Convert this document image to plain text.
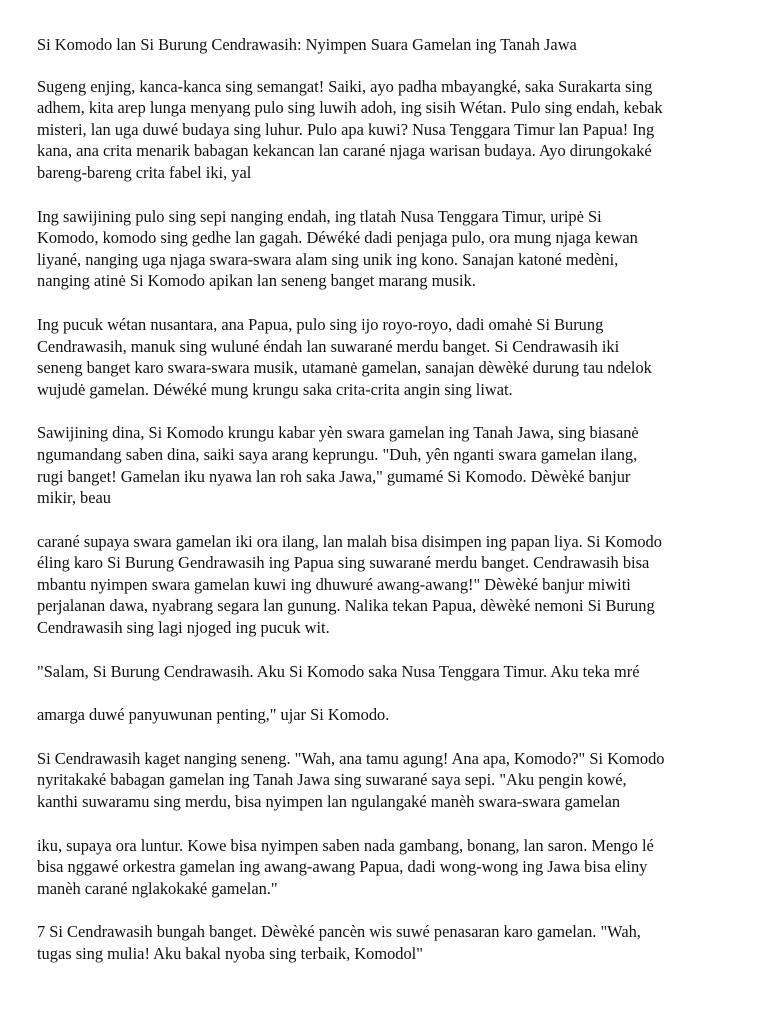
Si Komodo lan Si Burung Cendrawasih: Nyimpen Suara Gamelan ing Tanah Jawa

Sugeng enjing, kanca-kanca sing semangat! Saiki, ayo padha mbayangké, saka Surakarta sing
adhem, kita arep lunga menyang pulo sing luwih adoh, ing sisih Wétan. Pulo sing endah, kebak
misteri, lan uga duwé budaya sing luhur. Pulo apa kuwi? Nusa Tenggara Timur lan Papua! Ing
kana, ana crita menarik babagan kekancan lan carané njaga warisan budaya. Ayo dirungokaké
bareng-bareng crita fabel iki, yal

Ing sawijining pulo sing sepi nanging endah, ing tlatah Nusa Tenggara Timur, uripė Si
Komodo, komodo sing gedhe lan gagah. Déwéké dadi penjaga pulo, ora mung njaga kewan
liyané, nanging uga njaga swara-swara alam sing unik ing kono. Sanajan katoné medèni,
nanging atinė Si Komodo apikan lan seneng banget marang musik.

Ing pucuk wétan nusantara, ana Papua, pulo sing ijo royo-royo, dadi omahė Si Burung
Cendrawasih, manuk sing wuluné éndah lan suwarané merdu banget. Si Cendrawasih iki
seneng banget karo swara-swara musik, utamanė gamelan, sanajan dèwèké durung tau ndelok
wujudė gamelan. Déwéké mung krungu saka crita-crita angin sing liwat.

Sawijining dina, Si Komodo krungu kabar yèn swara gamelan ing Tanah Jawa, sing biasanė
ngumandang saben dina, saiki saya arang keprungu. "Duh, yên nganti swara gamelan ilang,
rugi banget! Gamelan iku nyawa lan roh saka Jawa," gumamé Si Komodo. Dèwèké banjur
mikir, beau

carané supaya swara gamelan iki ora ilang, lan malah bisa disimpen ing papan liya. Si Komodo
éling karo Si Burung Gendrawasih ing Papua sing suwarané merdu banget. Cendrawasih bisa
mbantu nyimpen swara gamelan kuwi ing dhuwuré awang-awang!" Dèwèké banjur miwiti
perjalanan dawa, nyabrang segara lan gunung. Nalika tekan Papua, dèwèké nemoni Si Burung
Cendrawasih sing lagi njoged ing pucuk wit.

"Salam, Si Burung Cendrawasih. Aku Si Komodo saka Nusa Tenggara Timur. Aku teka mré

amarga duwé panyuwunan penting," ujar Si Komodo.

Si Cendrawasih kaget nanging seneng. "Wah, ana tamu agung! Ana apa, Komodo?" Si Komodo
nyritakaké babagan gamelan ing Tanah Jawa sing suwarané saya sepi. "Aku pengin kowé,
kanthi suwaramu sing merdu, bisa nyimpen lan ngulangaké manèh swara-swara gamelan

iku, supaya ora luntur. Kowe bisa nyimpen saben nada gambang, bonang, lan saron. Mengo lé
bisa nggawé orkestra gamelan ing awang-awang Papua, dadi wong-wong ing Jawa bisa eliny
manèh carané nglakokaké gamelan."

7 Si Cendrawasih bungah banget. Dèwèké pancèn wis suwé penasaran karo gamelan. "Wah,
tugas sing mulia! Aku bakal nyoba sing terbaik, Komodol"
